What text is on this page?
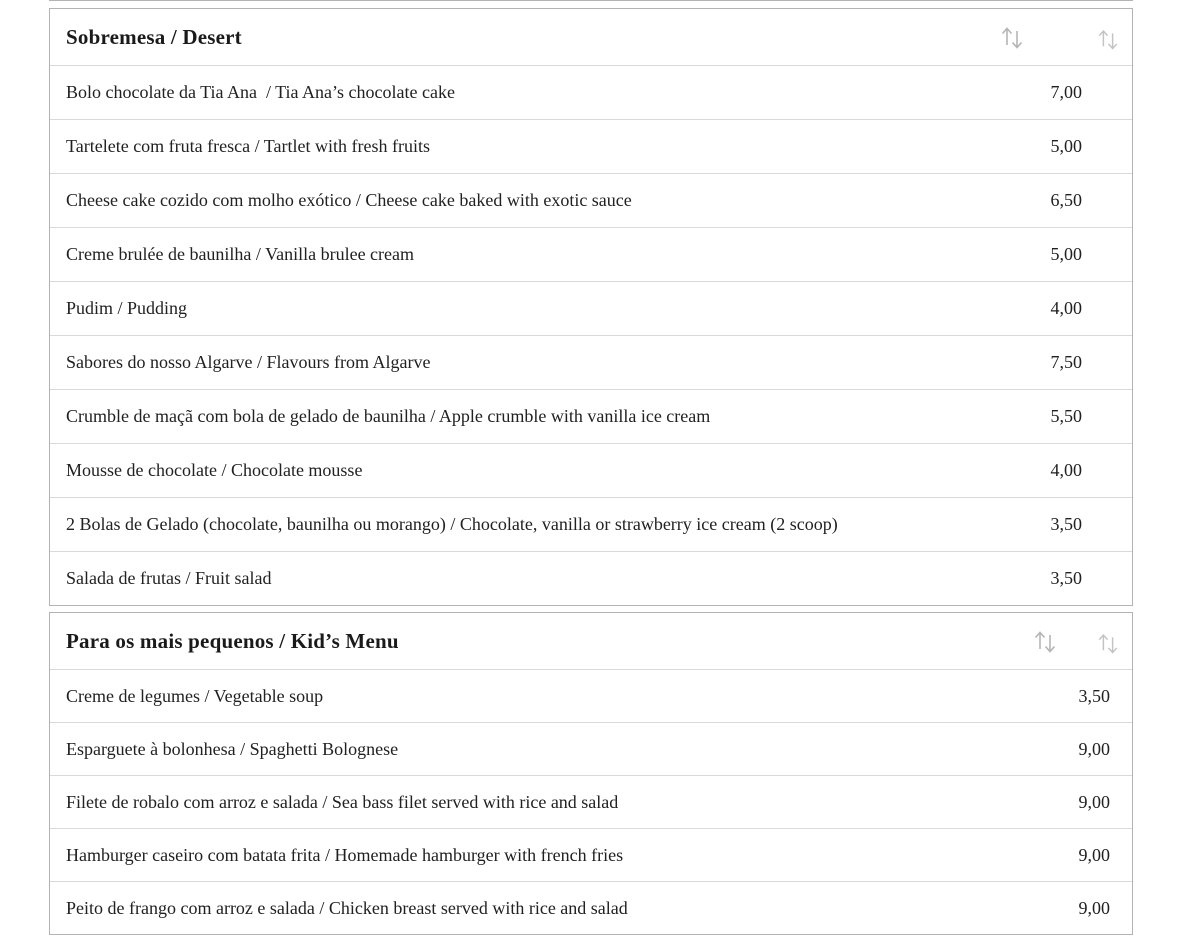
Sobremesa / Desert
Bolo chocolate da Tia Ana  / Tia Ana’s chocolate cake	7,00
Tartelete com fruta fresca / Tartlet with fresh fruits	5,00
Cheese cake cozido com molho exótico / Cheese cake baked with exotic sauce	6,50
Creme brulée de baunilha / Vanilla brulee cream	5,00
Pudim / Pudding	4,00
Sabores do nosso Algarve / Flavours from Algarve	7,50
Crumble de maçã com bola de gelado de baunilha / Apple crumble with vanilla ice cream	5,50
Mousse de chocolate / Chocolate mousse	4,00
2 Bolas de Gelado (chocolate, baunilha ou morango) / Chocolate, vanilla or strawberry ice cream (2 scoop)	3,50
Salada de frutas / Fruit salad	3,50
Para os mais pequenos / Kid’s Menu
Creme de legumes / Vegetable soup	3,50
Esparguete à bolonhesa / Spaghetti Bolognese	9,00
Filete de robalo com arroz e salada / Sea bass filet served with rice and salad	9,00
Hamburger caseiro com batata frita / Homemade hamburger with french fries	9,00
Peito de frango com arroz e salada / Chicken breast served with rice and salad	9,00
